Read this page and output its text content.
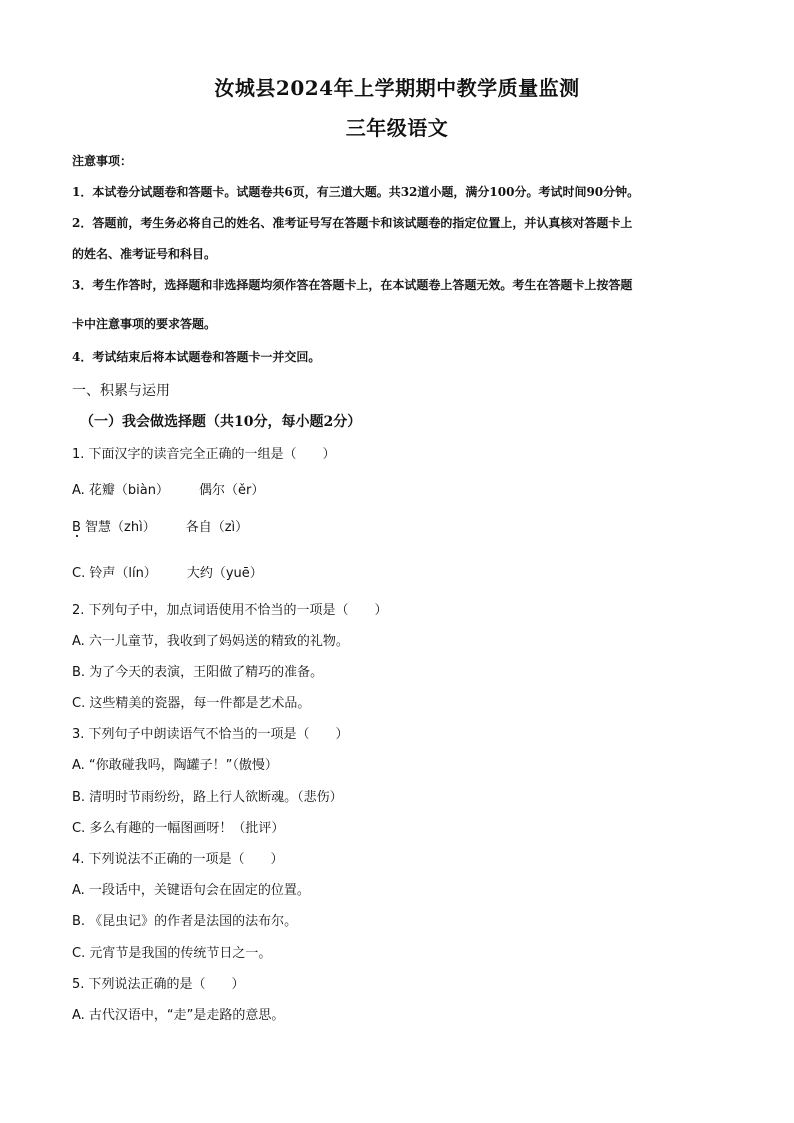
汝城县2024年上学期期中教学质量监测
三年级语文
注意事项：
1．本试卷分试题卷和答题卡。试题卷共6页，有三道大题。共32道小题，满分100分。考试时间90分钟。
2．答题前，考生务必将自己的姓名、准考证号写在答题卡和该试题卷的指定位置上，并认真核对答题卡上
的姓名、准考证号和科目。
3．考生作答时，选择题和非选择题均须作答在答题卡上，在本试题卷上答题无效。考生在答题卡上按答题
卡中注意事项的要求答题。
4．考试结束后将本试题卷和答题卡一并交回。
一、积累与运用
（一）我会做选择题（共10分，每小题2分）
1. 下面汉字的读音完全正确的一组是（　　）
A. 花瓣（biàn） 偶尔（ěr）
B 智慧（zhì） 各自（zì）
C. 铃声（lín） 大约（yuē）
2. 下列句子中，加点词语使用不恰当的一项是（　　）
A. 六一儿童节，我收到了妈妈送的精致的礼物。
B. 为了今天的表演，王阳做了精巧的准备。
C. 这些精美的瓷器，每一件都是艺术品。
3. 下列句子中朗读语气不恰当的一项是（　　）
A. “你敢碰我吗，陶罐子！”（傲慢）
B. 清明时节雨纷纷，路上行人欲断魂。（悲伤）
C. 多么有趣的一幅图画呀！（批评）
4. 下列说法不正确的一项是（　　）
A. 一段话中，关键语句会在固定的位置。
B. 《昆虫记》的作者是法国的法布尔。
C. 元宵节是我国的传统节日之一。
5. 下列说法正确的是（　　）
A. 古代汉语中，“走”是走路的意思。
